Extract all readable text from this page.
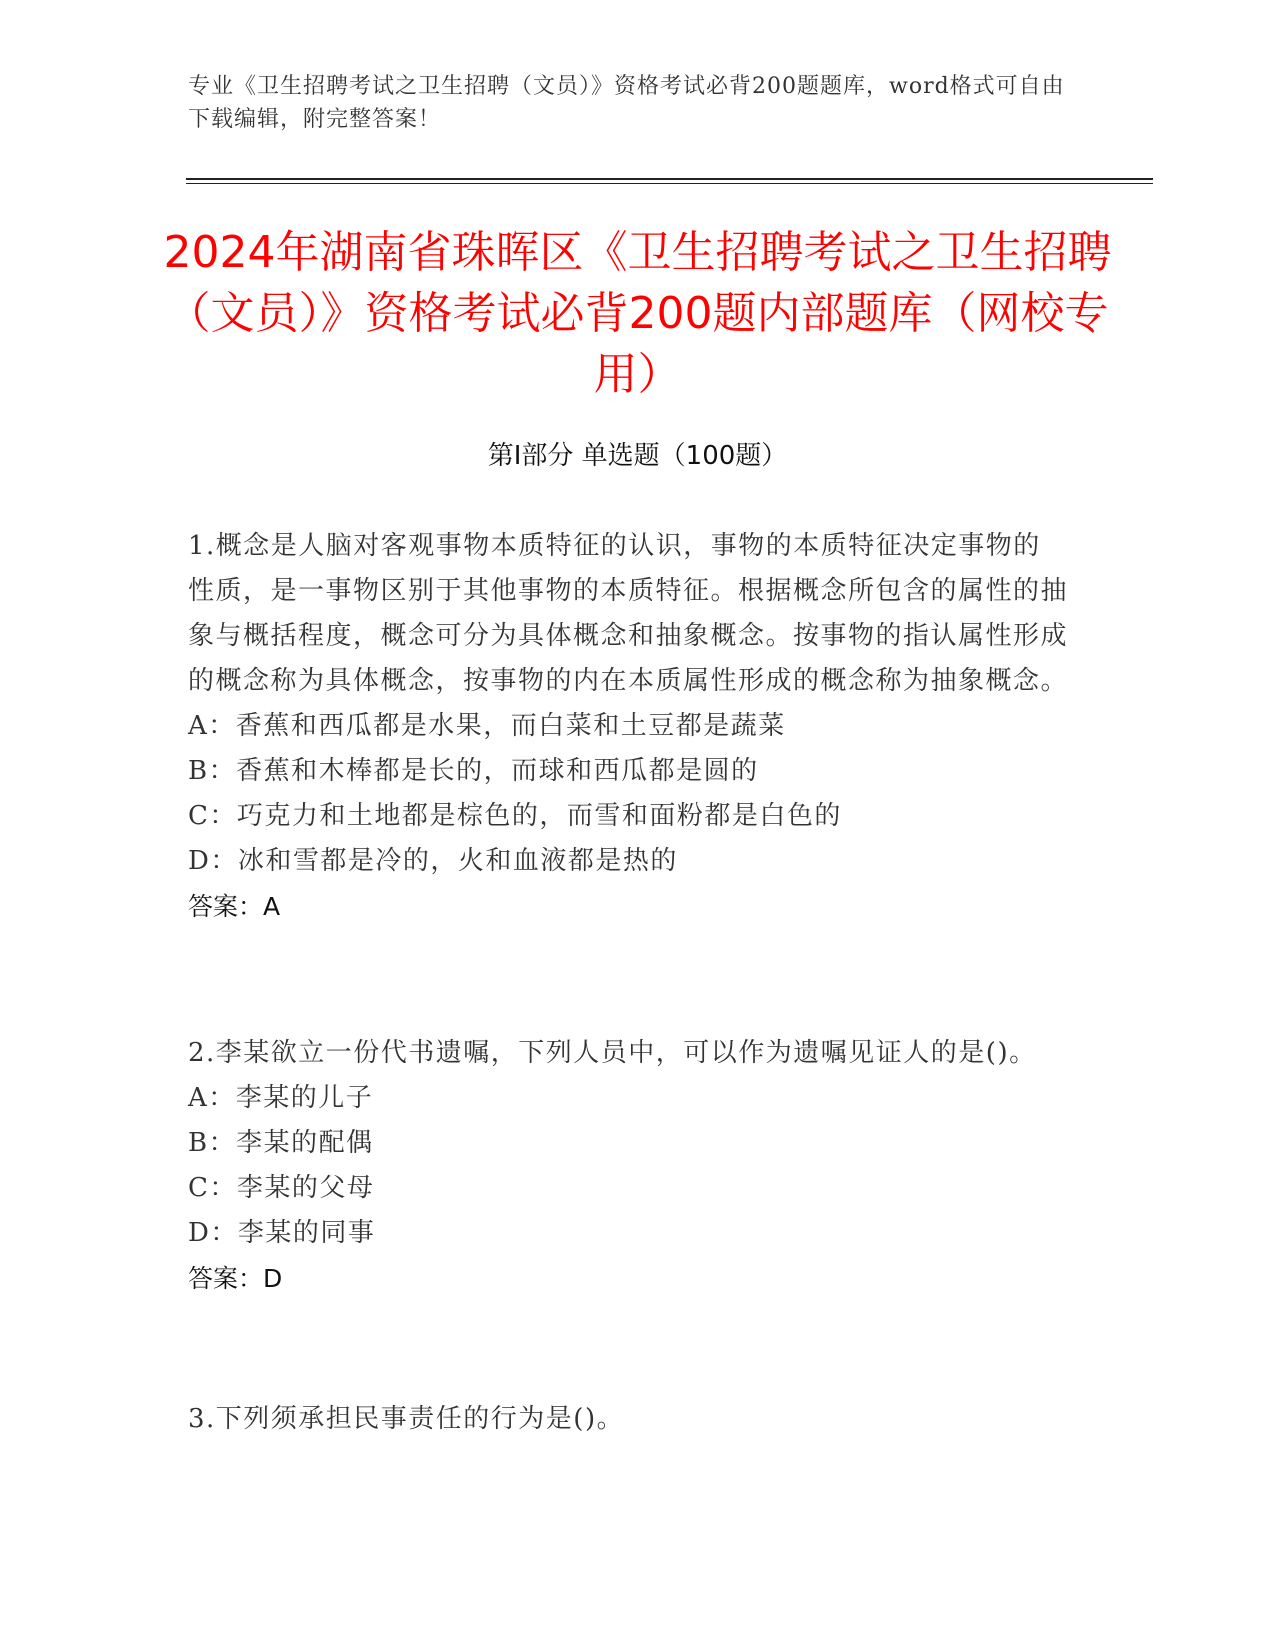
专业《卫生招聘考试之卫生招聘（文员）》资格考试必背200题题库，word格式可自由下载编辑，附完整答案！
2024年湖南省珠晖区《卫生招聘考试之卫生招聘（文员）》资格考试必背200题内部题库（网校专用）
第Ⅰ部分 单选题（100题）

1.概念是人脑对客观事物本质特征的认识，事物的本质特征决定事物的性质，是一事物区别于其他事物的本质特征。根据概念所包含的属性的抽象与概括程度，概念可分为具体概念和抽象概念。按事物的指认属性形成的概念称为具体概念，按事物的内在本质属性形成的概念称为抽象概念。

A：香蕉和西瓜都是水果，而白菜和土豆都是蔬菜

B：香蕉和木棒都是长的，而球和西瓜都是圆的

C：巧克力和土地都是棕色的，而雪和面粉都是白色的

D：冰和雪都是冷的，火和血液都是热的

答案：A

2.李某欲立一份代书遗嘱，下列人员中，可以作为遗嘱见证人的是()。

A：李某的儿子

B：李某的配偶

C：李某的父母

D：李某的同事

答案：D

3.下列须承担民事责任的行为是()。
